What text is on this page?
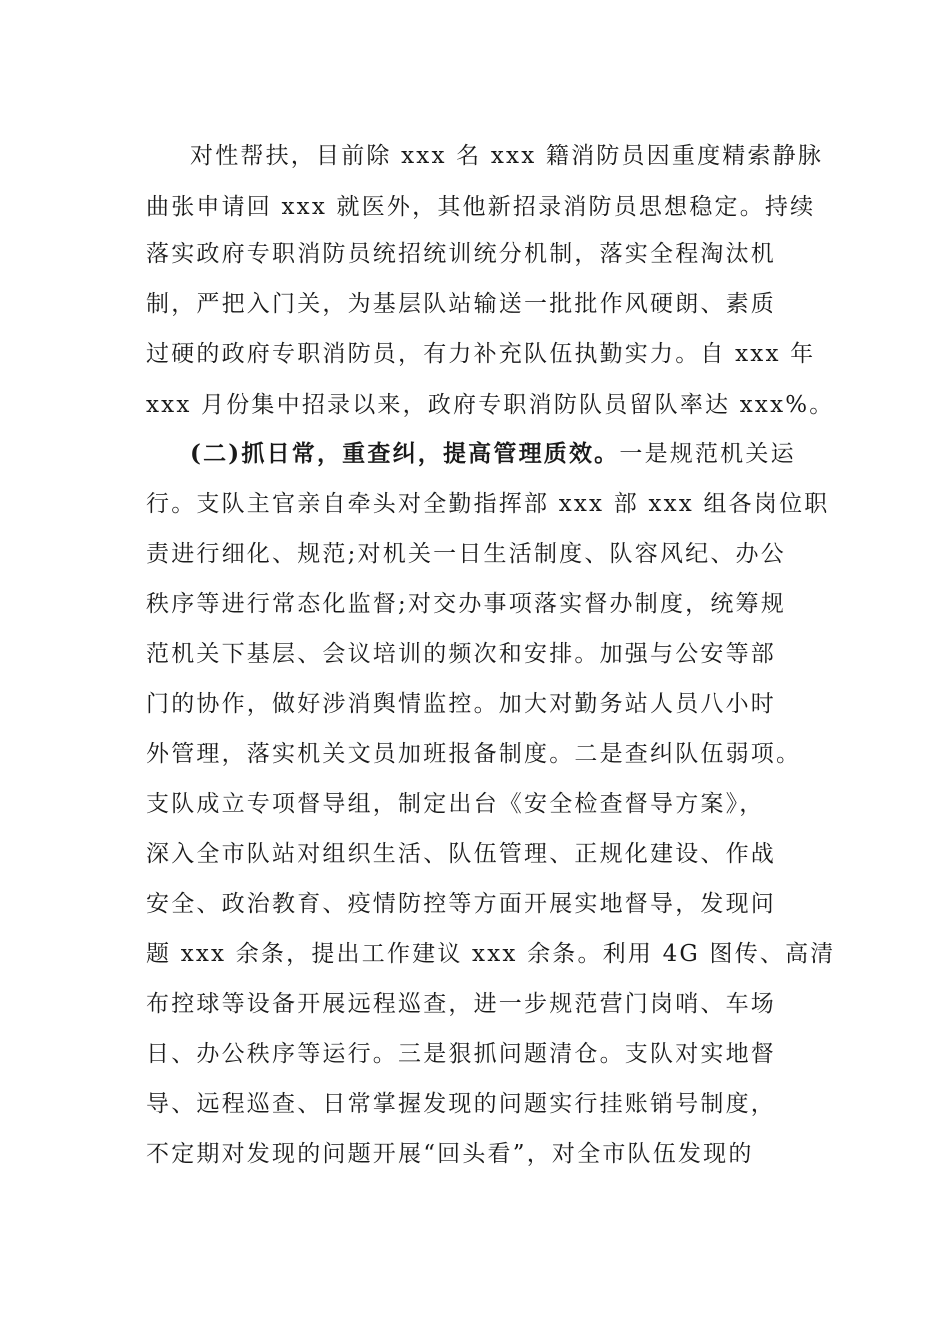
对性帮扶，目前除 xxx 名 xxx 籍消防员因重度精索静脉
曲张申请回 xxx 就医外，其他新招录消防员思想稳定。持续
落实政府专职消防员统招统训统分机制，落实全程淘汰机
制，严把入门关，为基层队站输送一批批作风硬朗、素质
过硬的政府专职消防员，有力补充队伍执勤实力。自 xxx 年
xxx 月份集中招录以来，政府专职消防队员留队率达 xxx%。
(二)抓日常，重查纠，提高管理质效。一是规范机关运
行。支队主官亲自牵头对全勤指挥部 xxx 部 xxx 组各岗位职
责进行细化、规范;对机关一日生活制度、队容风纪、办公
秩序等进行常态化监督;对交办事项落实督办制度，统筹规
范机关下基层、会议培训的频次和安排。加强与公安等部
门的协作，做好涉消舆情监控。加大对勤务站人员八小时
外管理，落实机关文员加班报备制度。二是查纠队伍弱项。
支队成立专项督导组，制定出台《安全检查督导方案》，
深入全市队站对组织生活、队伍管理、正规化建设、作战
安全、政治教育、疫情防控等方面开展实地督导，发现问
题 xxx 余条，提出工作建议 xxx 余条。利用 4G 图传、高清
布控球等设备开展远程巡查，进一步规范营门岗哨、车场
日、办公秩序等运行。三是狠抓问题清仓。支队对实地督
导、远程巡查、日常掌握发现的问题实行挂账销号制度，
不定期对发现的问题开展“回头看”，对全市队伍发现的
